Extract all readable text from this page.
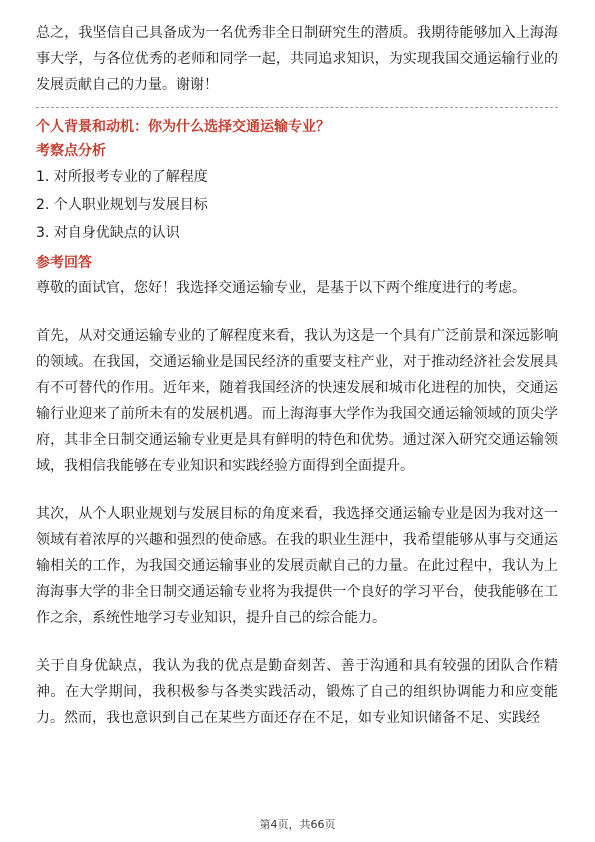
总之，我坚信自己具备成为一名优秀非全日制研究生的潜质。我期待能够加入上海海事大学，与各位优秀的老师和同学一起，共同追求知识，为实现我国交通运输行业的发展贡献自己的力量。谢谢！

个人背景和动机：你为什么选择交通运输专业？

考察点分析

1. 对所报考专业的了解程度
2. 个人职业规划与发展目标
3. 对自身优缺点的认识

参考回答

尊敬的面试官，您好！我选择交通运输专业，是基于以下两个维度进行的考虑。

首先，从对交通运输专业的了解程度来看，我认为这是一个具有广泛前景和深远影响的领域。在我国，交通运输业是国民经济的重要支柱产业，对于推动经济社会发展具有不可替代的作用。近年来，随着我国经济的快速发展和城市化进程的加快，交通运输行业迎来了前所未有的发展机遇。而上海海事大学作为我国交通运输领域的顶尖学府，其非全日制交通运输专业更是具有鲜明的特色和优势。通过深入研究交通运输领域，我相信我能够在专业知识和实践经验方面得到全面提升。

其次，从个人职业规划与发展目标的角度来看，我选择交通运输专业是因为我对这一领域有着浓厚的兴趣和强烈的使命感。在我的职业生涯中，我希望能够从事与交通运输相关的工作，为我国交通运输事业的发展贡献自己的力量。在此过程中，我认为上海海事大学的非全日制交通运输专业将为我提供一个良好的学习平台，使我能够在工作之余，系统性地学习专业知识，提升自己的综合能力。

关于自身优缺点，我认为我的优点是勤奋刻苦、善于沟通和具有较强的团队合作精神。在大学期间，我积极参与各类实践活动，锻炼了自己的组织协调能力和应变能力。然而，我也意识到自己在某些方面还存在不足，如专业知识储备不足、实践经

第4页，共66页
